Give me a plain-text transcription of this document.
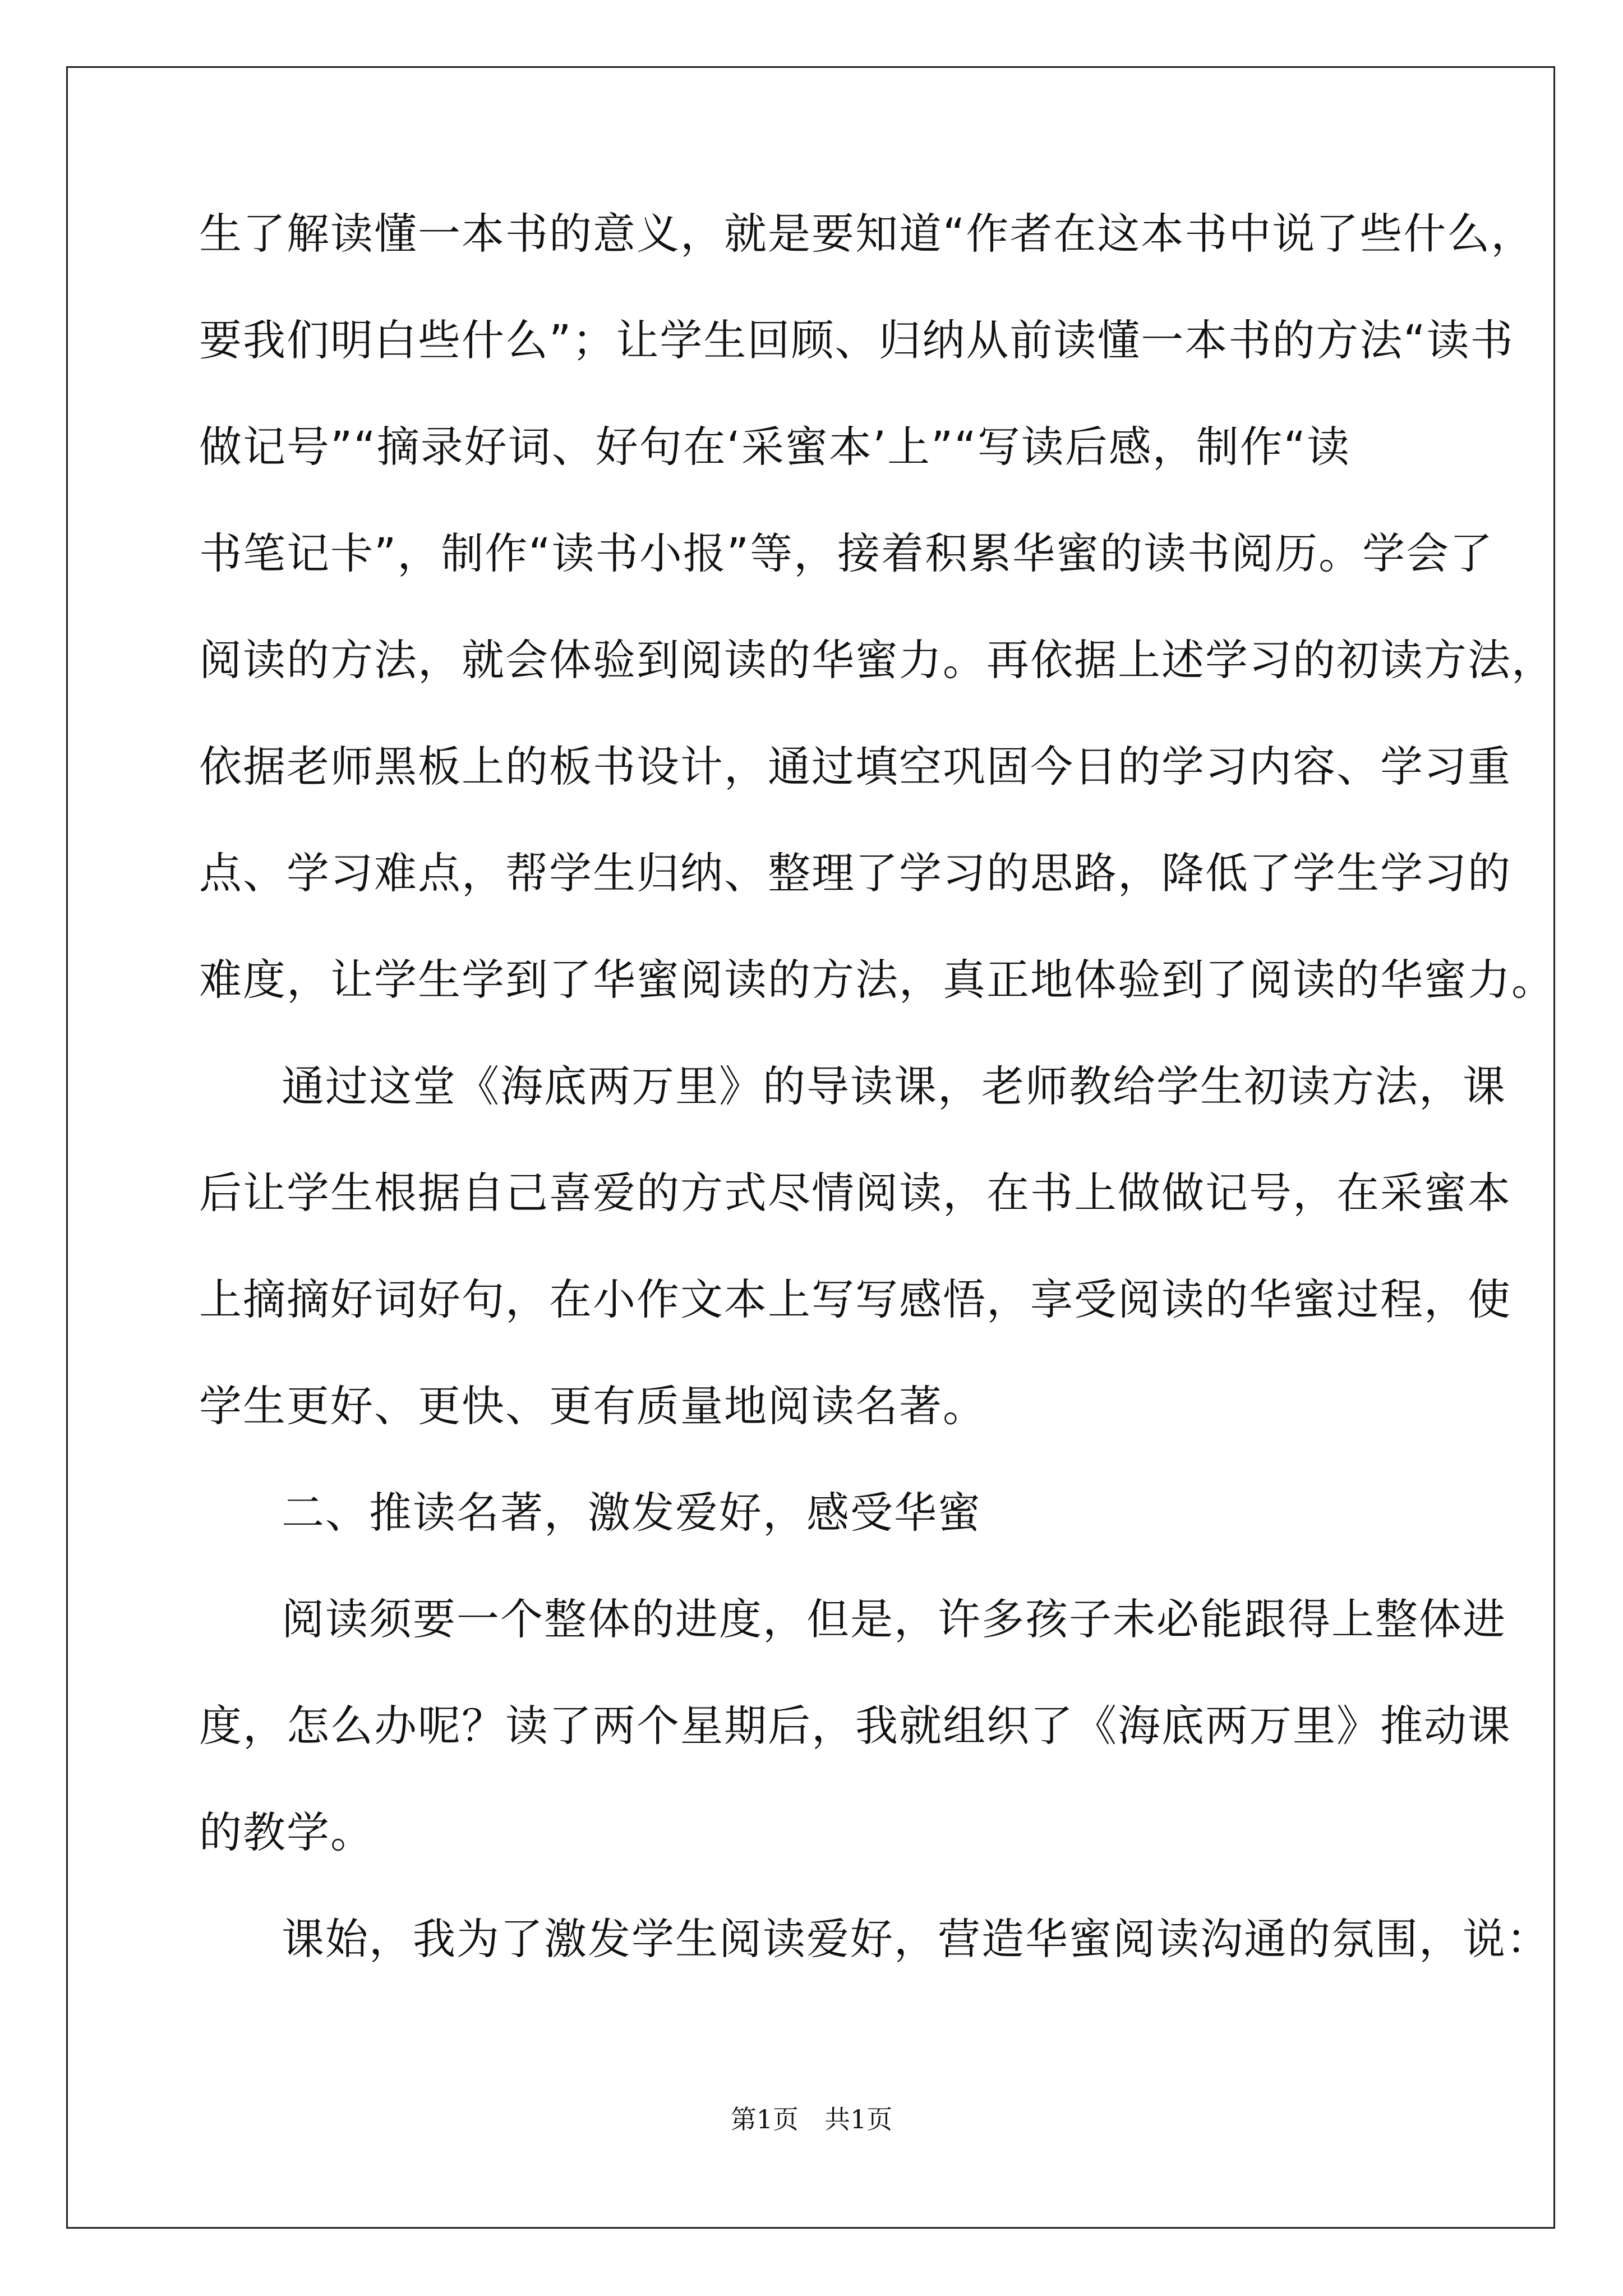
生了解读懂一本书的意义，就是要知道“作者在这本书中说了些什么，
要我们明白些什么”；让学生回顾、归纳从前读懂一本书的方法“读书
做记号”“摘录好词、好句在‘采蜜本’上”“写读后感，制作“读
书笔记卡”，制作“读书小报”等，接着积累华蜜的读书阅历。学会了
阅读的方法，就会体验到阅读的华蜜力。再依据上述学习的初读方法，
依据老师黑板上的板书设计，通过填空巩固今日的学习内容、学习重
点、学习难点，帮学生归纳、整理了学习的思路，降低了学生学习的
难度，让学生学到了华蜜阅读的方法，真正地体验到了阅读的华蜜力。
通过这堂《海底两万里》的导读课，老师教给学生初读方法，课
后让学生根据自己喜爱的方式尽情阅读，在书上做做记号，在采蜜本
上摘摘好词好句，在小作文本上写写感悟，享受阅读的华蜜过程，使
学生更好、更快、更有质量地阅读名著。
二、推读名著，激发爱好，感受华蜜
阅读须要一个整体的进度，但是，许多孩子未必能跟得上整体进
度，怎么办呢？读了两个星期后，我就组织了《海底两万里》推动课
的教学。
课始，我为了激发学生阅读爱好，营造华蜜阅读沟通的氛围，说：
第1页　共1页
